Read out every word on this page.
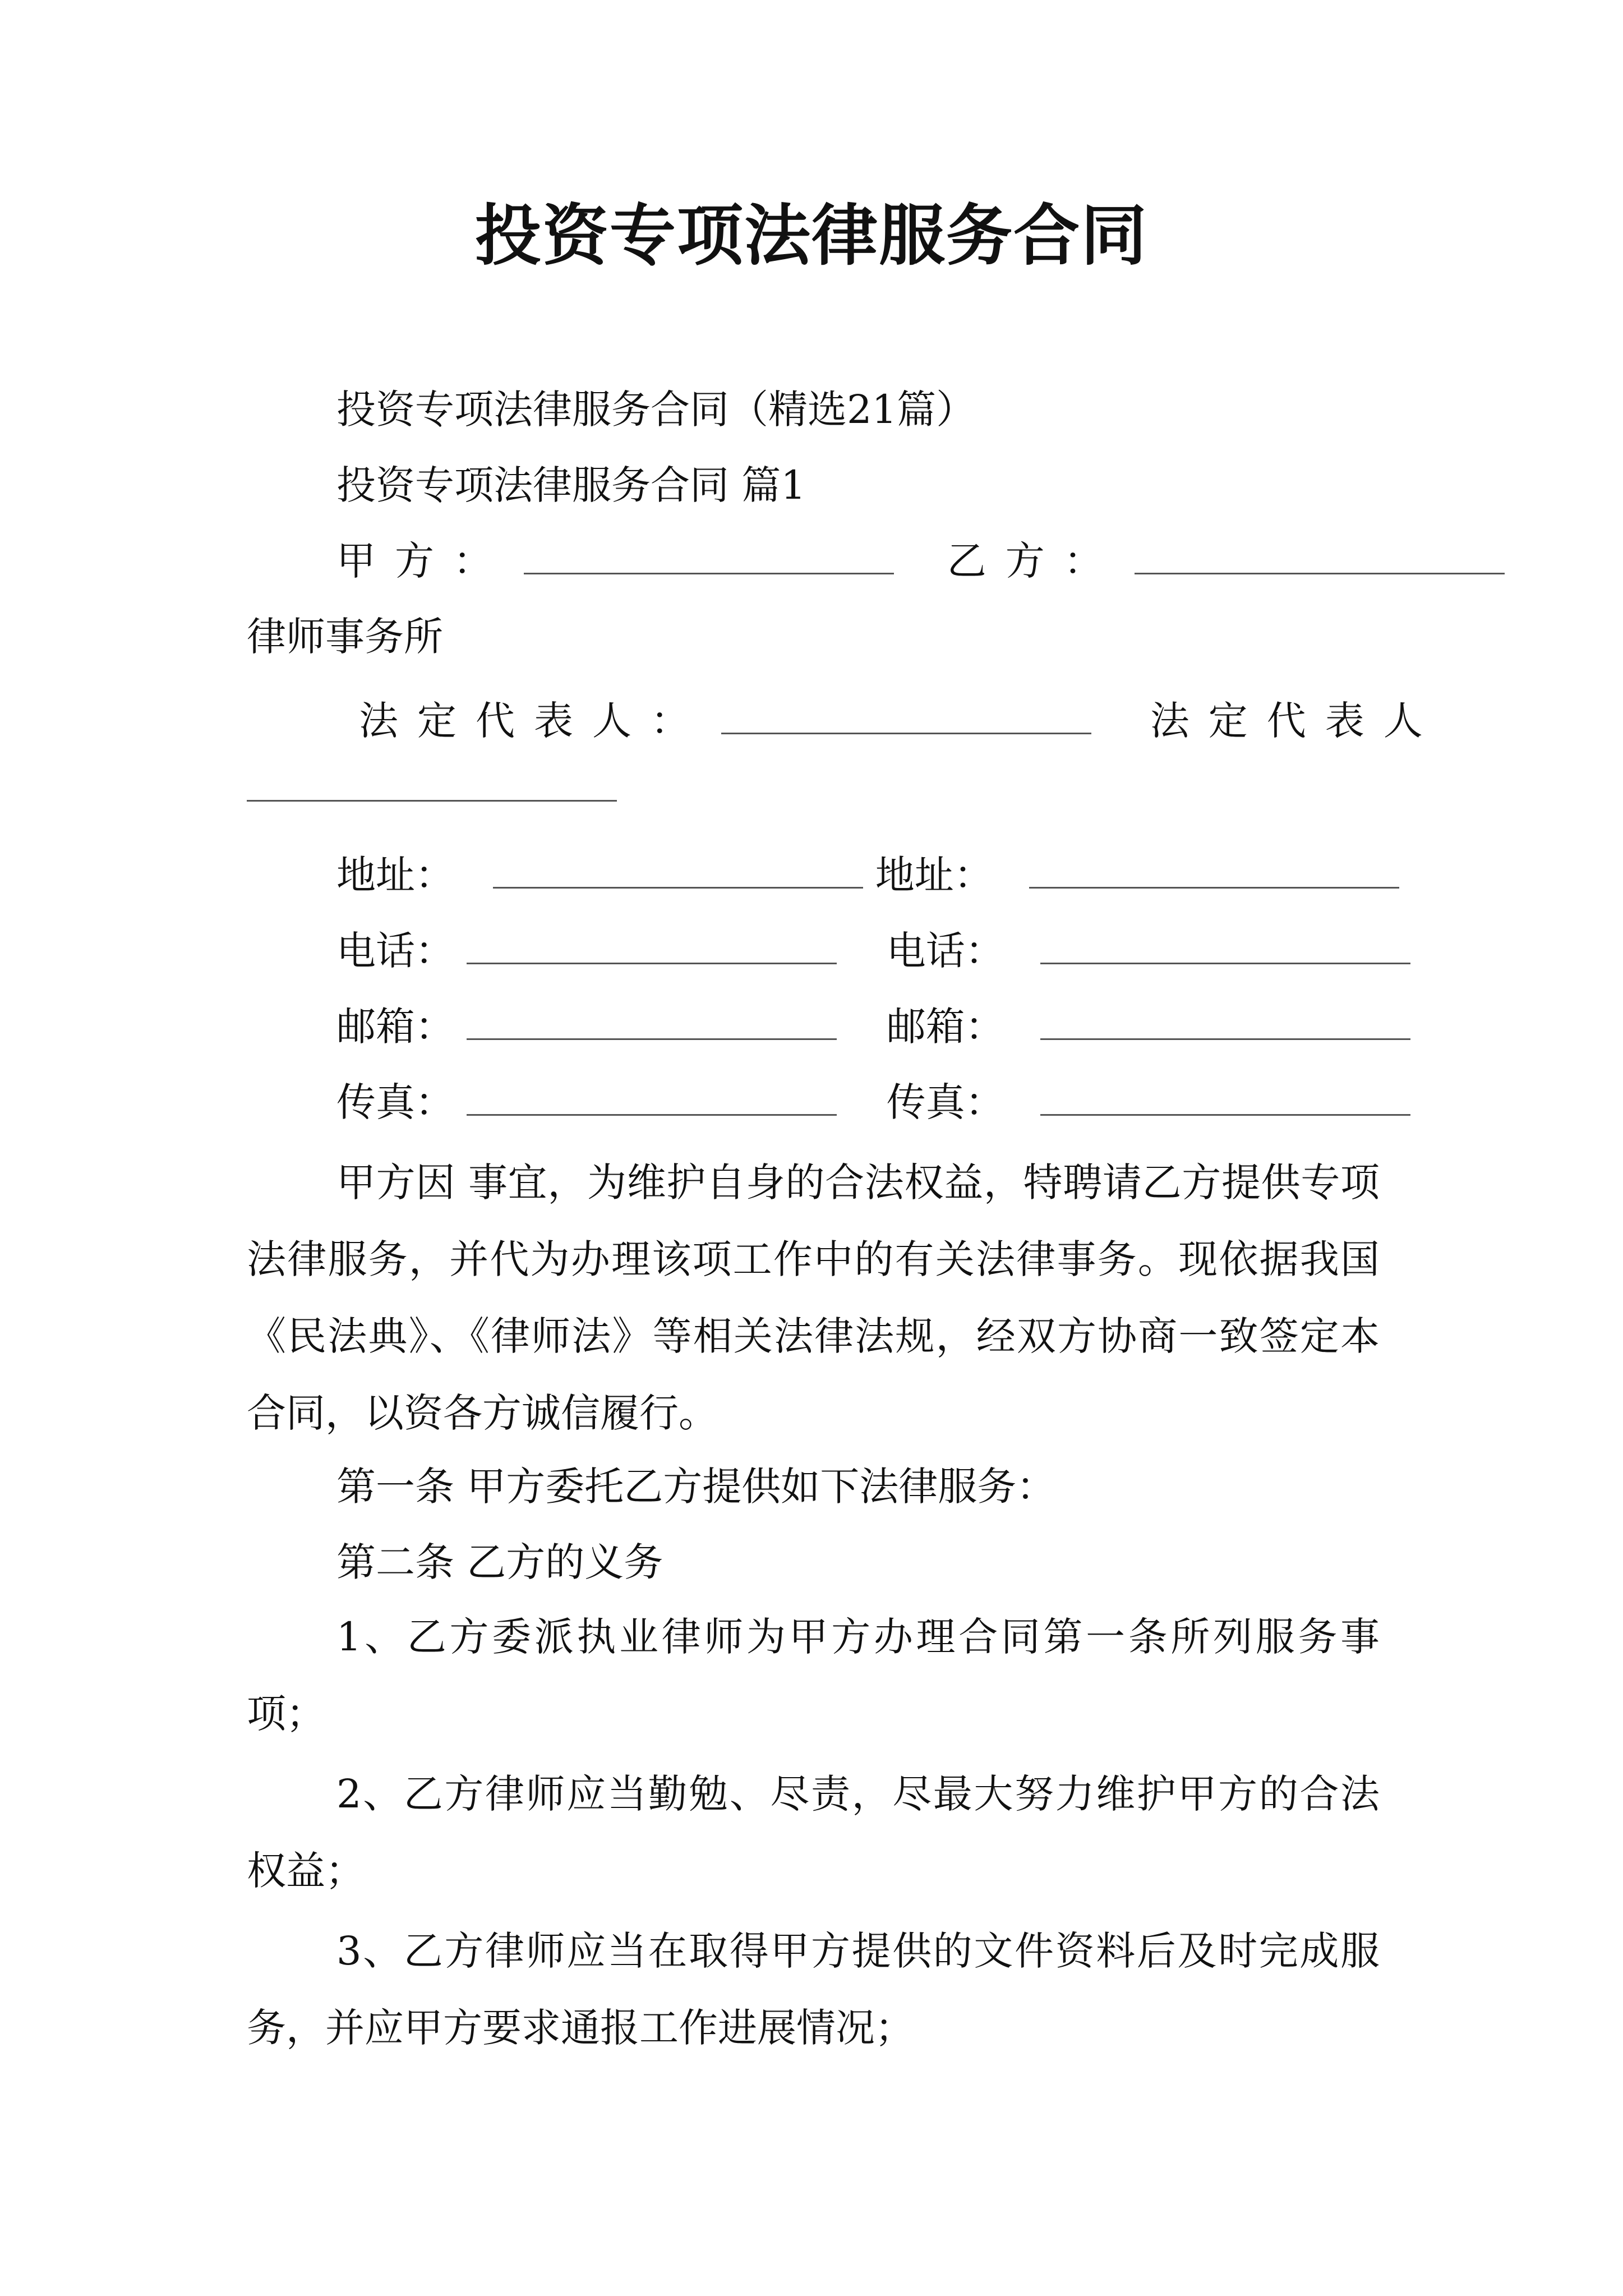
投资专项法律服务合同
投资专项法律服务合同（精选21篇）
投资专项法律服务合同 篇1
甲方：	乙方：
律师事务所
法定代表人：	法定代表人
地址：	地址：
电话：	电话：
邮箱：	邮箱：
传真：	传真：
甲方因 事宜，为维护自身的合法权益，特聘请乙方提供专项法律服务，并代为办理该项工作中的有关法律事务。现依据我国《民法典》、《律师法》等相关法律法规，经双方协商一致签定本合同，以资各方诚信履行。
第一条 甲方委托乙方提供如下法律服务：
第二条 乙方的义务
1、乙方委派执业律师为甲方办理合同第一条所列服务事项；
2、乙方律师应当勤勉、尽责，尽最大努力维护甲方的合法权益；
3、乙方律师应当在取得甲方提供的文件资料后及时完成服务，并应甲方要求通报工作进展情况；
